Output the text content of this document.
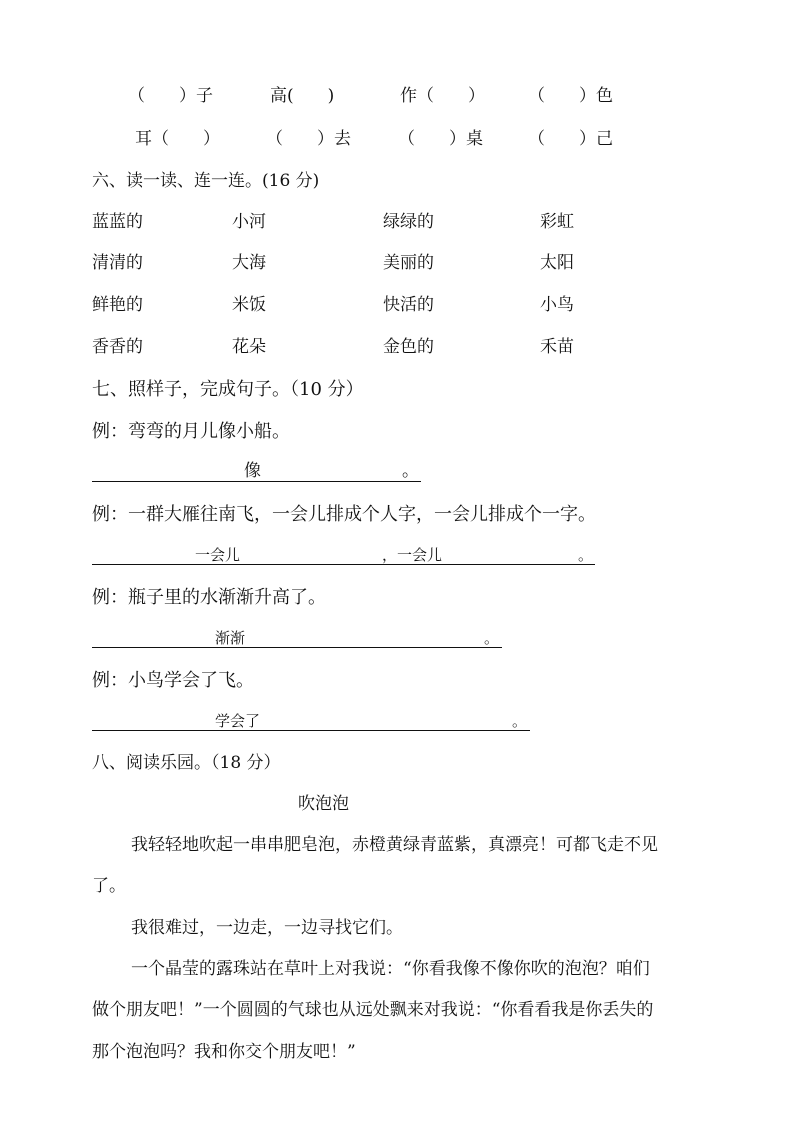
（　　）子	高(　　)	作（　　）	（　　）色
耳（　　）	（　　）去	（　　）桌	（　　）己
六、读一读、连一连。(16 分)
蓝蓝的	小河	绿绿的	彩虹
清清的	大海	美丽的	太阳
鲜艳的	米饭	快活的	小鸟
香香的	花朵	金色的	禾苗
七、照样子，完成句子。（10 分）
例：弯弯的月儿像小船。
像	。
例：一群大雁往南飞，一会儿排成个人字，一会儿排成个一字。
一会儿	，一会儿	。
例：瓶子里的水渐渐升高了。
渐渐	。
例：小鸟学会了飞。
学会了	。
八、阅读乐园。（18 分）
吹泡泡
我轻轻地吹起一串串肥皂泡，赤橙黄绿青蓝紫，真漂亮！可都飞走不见
了。
我很难过，一边走，一边寻找它们。
一个晶莹的露珠站在草叶上对我说：“你看我像不像你吹的泡泡？咱们
做个朋友吧！”一个圆圆的气球也从远处飘来对我说：“你看看我是你丢失的
那个泡泡吗？我和你交个朋友吧！”
